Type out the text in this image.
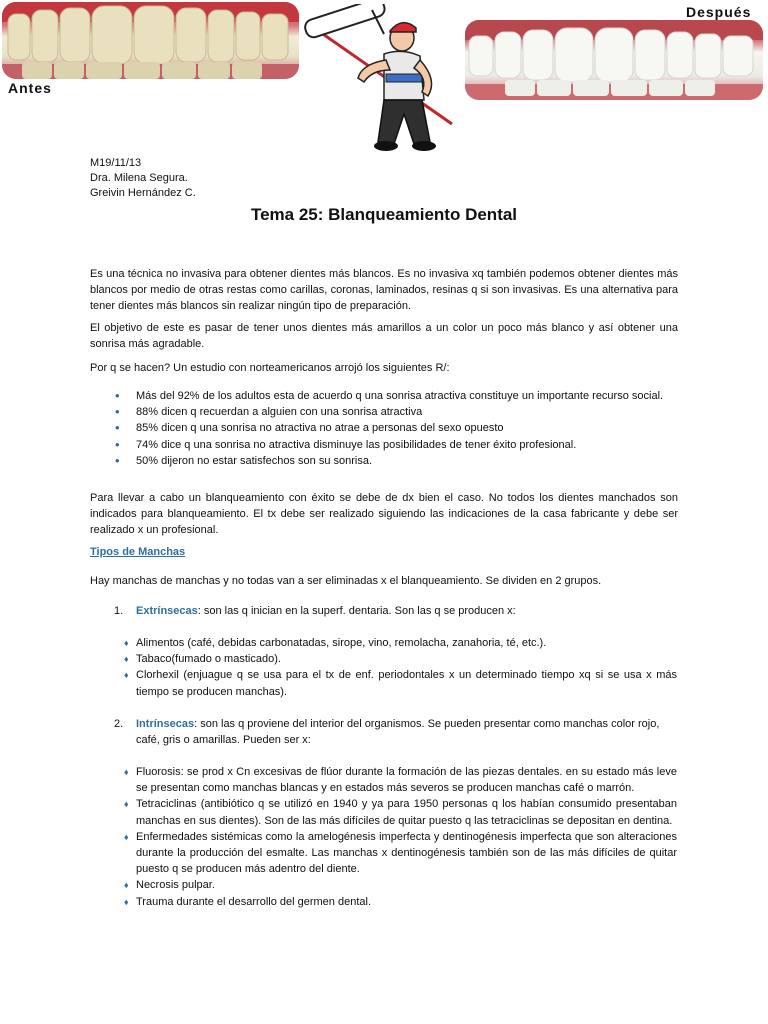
Antes
Después
M19/11/13
Dra. Milena Segura.
Greivin Hernández C.
Tema 25: Blanqueamiento Dental
Es una técnica no invasiva para obtener dientes más blancos. Es no invasiva xq también podemos obtener dientes más blancos por medio de otras restas como carillas, coronas, laminados, resinas q si son invasivas. Es una alternativa para tener dientes más blancos sin realizar ningún tipo de preparación.
El objetivo de este es pasar de tener unos dientes más amarillos a un color un poco más blanco y así obtener una sonrisa más agradable.
Por q se hacen? Un estudio con norteamericanos arrojó los siguientes R/:
• Más del 92% de los adultos esta de acuerdo q una sonrisa atractiva constituye un importante recurso social.
• 88% dicen q recuerdan a alguien con una sonrisa atractiva
• 85% dicen q una sonrisa no atractiva no atrae a personas del sexo opuesto
• 74% dice q una sonrisa no atractiva disminuye las posibilidades de tener éxito profesional.
• 50% dijeron no estar satisfechos son su sonrisa.
Para llevar a cabo un blanqueamiento con éxito se debe de dx bien el caso. No todos los dientes manchados son indicados para blanqueamiento. El tx debe ser realizado siguiendo las indicaciones de la casa fabricante y debe ser realizado x un profesional.
Tipos de Manchas
Hay manchas de manchas y no todas van a ser eliminadas x el blanqueamiento. Se dividen en 2 grupos.
1.	Extrínsecas: son las q inician en la superf. dentaria. Son las q se producen x:
♦ Alimentos (café, debidas carbonatadas, sirope, vino, remolacha, zanahoria, té, etc.).
♦ Tabaco(fumado o masticado).
♦ Clorhexil (enjuague q se usa para el tx de enf. periodontales x un determinado tiempo xq si se usa x más tiempo se producen manchas).
2.	Intrínsecas: son las q proviene del interior del organismos. Se pueden presentar como manchas color rojo, café, gris o amarillas. Pueden ser x:
♦ Fluorosis: se prod x Cn excesivas de flúor durante la formación de las piezas dentales. en su estado más leve se presentan como manchas blancas y en estados más severos se producen manchas café o marrón.
♦ Tetraciclinas (antibiótico q se utilizó en 1940 y ya para 1950 personas q los habían consumido presentaban manchas en sus dientes). Son de las más difíciles de quitar puesto q las tetraciclinas se depositan en dentina.
♦ Enfermedades sistémicas como la amelogénesis imperfecta y dentinogénesis imperfecta que son alteraciones durante la producción del esmalte. Las manchas x dentinogénesis también son de las más difíciles de quitar puesto q se producen más adentro del diente.
♦ Necrosis pulpar.
♦ Trauma durante el desarrollo del germen dental.
